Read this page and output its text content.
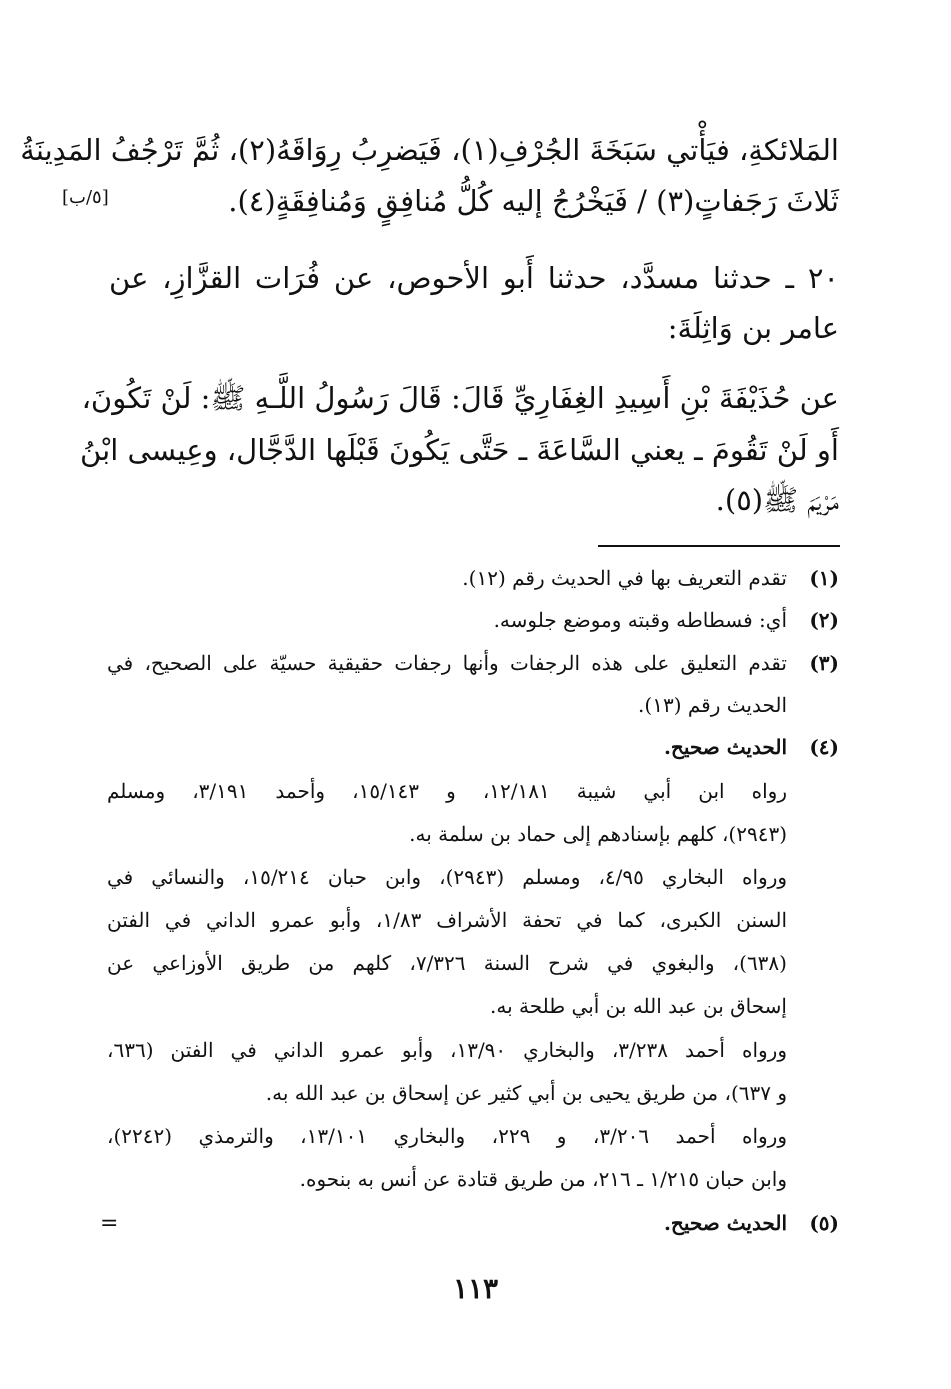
المَلائكةِ، فيَأْتي سَبَخَةَ الجُرْفِ(١)، فَيَضرِبُ رِوَاقَهُ(٢)، ثُمَّ تَرْجُفُ المَدِينَةُ
ثَلاثَ رَجَفاتٍ(٣) / فَيَخْرُجُ إليه كُلُّ مُنافِقٍ وَمُنافِقَةٍ(٤).
[٥/ب]
٢٠ ـ حدثنا مسدَّد، حدثنا أَبو الأحوص، عن فُرَات القزَّازِ، عن
عامر بن وَاثِلَةَ:
عن حُذَيْفَةَ بْنِ أَسِيدِ الغِفَارِيِّ قَالَ: قَالَ رَسُولُ اللَّـهِ ﷺ: لَنْ تَكُونَ،
أَو لَنْ تَقُومَ ـ يعني السَّاعَةَ ـ حَتَّى يَكُونَ قَبْلَها الدَّجَّال، وعِيسى ابْنُ
مَرْيَمَ ﷺ(٥).
(١)
تقدم التعريف بها في الحديث رقم (١٢).
(٢)
أي: فسطاطه وقبته وموضع جلوسه.
(٣)
تقدم التعليق على هذه الرجفات وأنها رجفات حقيقية حسيّة على الصحيح، في
الحديث رقم (١٣).
(٤)
الحديث صحيح.
رواه ابن أبي شيبة ١٢/١٨١، و ١٥/١٤٣، وأحمد ٣/١٩١، ومسلم
(٢٩٤٣)، كلهم بإسنادهم إلى حماد بن سلمة به.
ورواه البخاري ٤/٩٥، ومسلم (٢٩٤٣)، وابن حبان ١٥/٢١٤، والنسائي في
السنن الكبرى، كما في تحفة الأشراف ١/٨٣، وأبو عمرو الداني في الفتن
(٦٣٨)، والبغوي في شرح السنة ٧/٣٢٦، كلهم من طريق الأوزاعي عن
إسحاق بن عبد الله بن أبي طلحة به.
ورواه أحمد ٣/٢٣٨، والبخاري ١٣/٩٠، وأبو عمرو الداني في الفتن (٦٣٦،
و ٦٣٧)، من طريق يحيى بن أبي كثير عن إسحاق بن عبد الله به.
ورواه أحمد ٣/٢٠٦، و ٢٢٩، والبخاري ١٣/١٠١، والترمذي (٢٢٤٢)،
وابن حبان ١/٢١٥ ـ ٢١٦، من طريق قتادة عن أنس به بنحوه.
(٥)
الحديث صحيح.
=
١١٣
